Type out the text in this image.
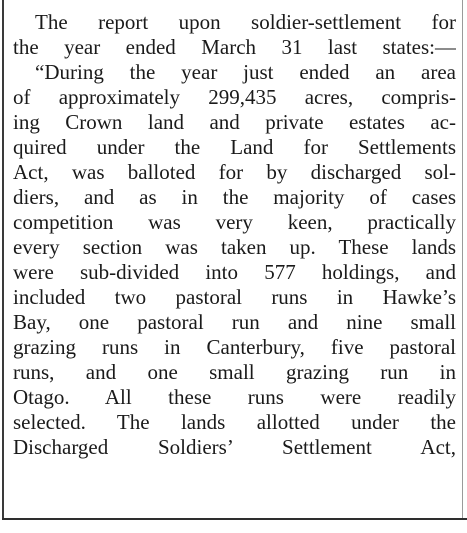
The report upon soldier-settlement for
the year ended March 31 last states:—
“During the year just ended an area
of approximately 299,435 acres, compris-
ing Crown land and private estates ac-
quired under the Land for Settlements
Act, was balloted for by discharged sol-
diers, and as in the majority of cases
competition was very keen, practically
every section was taken up. These lands
were sub-divided into 577 holdings, and
included two pastoral runs in Hawke’s
Bay, one pastoral run and nine small
grazing runs in Canterbury, five pastoral
runs, and one small grazing run in
Otago. All these runs were readily
selected. The lands allotted under the
Discharged Soldiers’ Settlement Act,
